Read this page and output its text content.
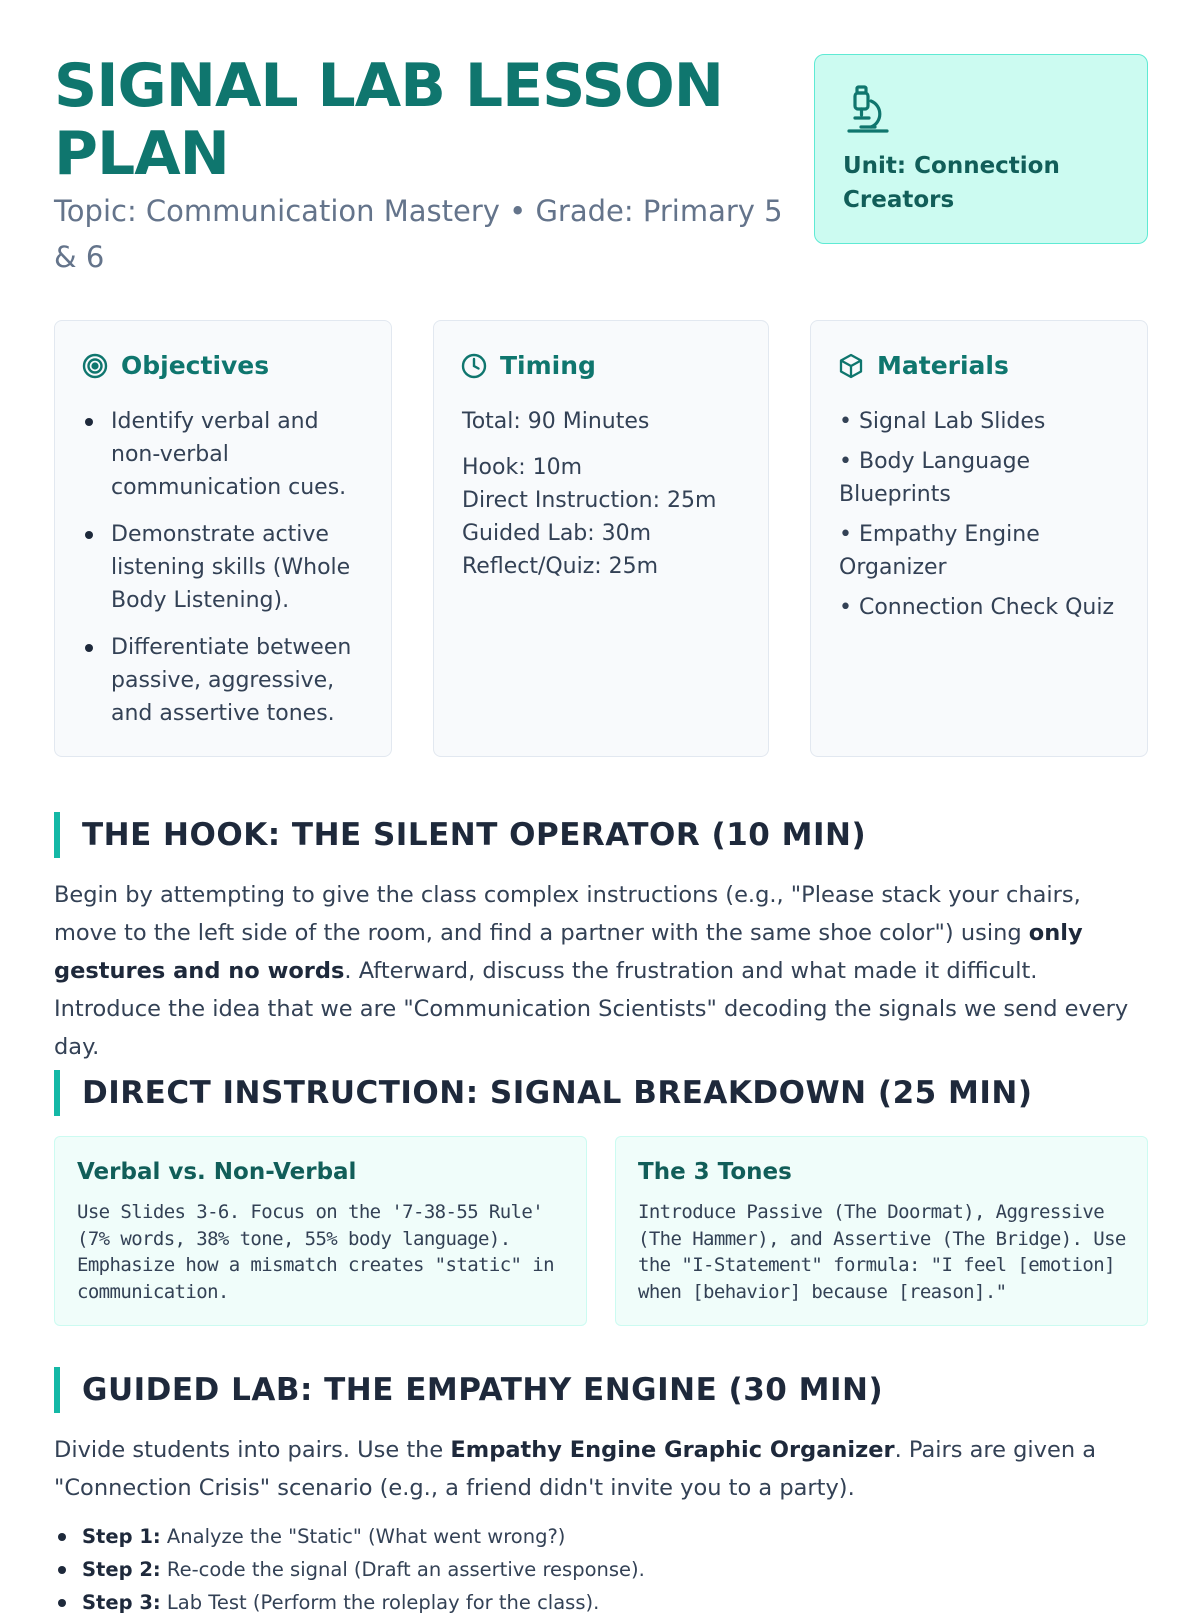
SIGNAL LAB LESSON PLAN
Topic: Communication Mastery • Grade: Primary 5 & 6
Unit: Connection Creators
Objectives
Identify verbal and non-verbal communication cues.
Demonstrate active listening skills (Whole Body Listening).
Differentiate between passive, aggressive, and assertive tones.
Timing
Total: 90 Minutes
Hook: 10m
Direct Instruction: 25m
Guided Lab: 30m
Reflect/Quiz: 25m
Materials
• Signal Lab Slides
• Body Language Blueprints
• Empathy Engine Organizer
• Connection Check Quiz
THE HOOK: THE SILENT OPERATOR (10 MIN)

Begin by attempting to give the class complex instructions (e.g., "Please stack your chairs, move to the left side of the room, and find a partner with the same shoe color") using only gestures and no words. Afterward, discuss the frustration and what made it difficult. Introduce the idea that we are "Communication Scientists" decoding the signals we send every day.

DIRECT INSTRUCTION: SIGNAL BREAKDOWN (25 MIN)
Verbal vs. Non-Verbal
Use Slides 3-6. Focus on the '7-38-55 Rule' (7% words, 38% tone, 55% body language). Emphasize how a mismatch creates "static" in communication.
The 3 Tones
Introduce Passive (The Doormat), Aggressive (The Hammer), and Assertive (The Bridge). Use the "I-Statement" formula: "I feel [emotion] when [behavior] because [reason]."
GUIDED LAB: THE EMPATHY ENGINE (30 MIN)

Divide students into pairs. Use the Empathy Engine Graphic Organizer. Pairs are given a "Connection Crisis" scenario (e.g., a friend didn't invite you to a party).

Step 1: Analyze the "Static" (What went wrong?)
Step 2: Re-code the signal (Draft an assertive response).
Step 3: Lab Test (Perform the roleplay for the class).
